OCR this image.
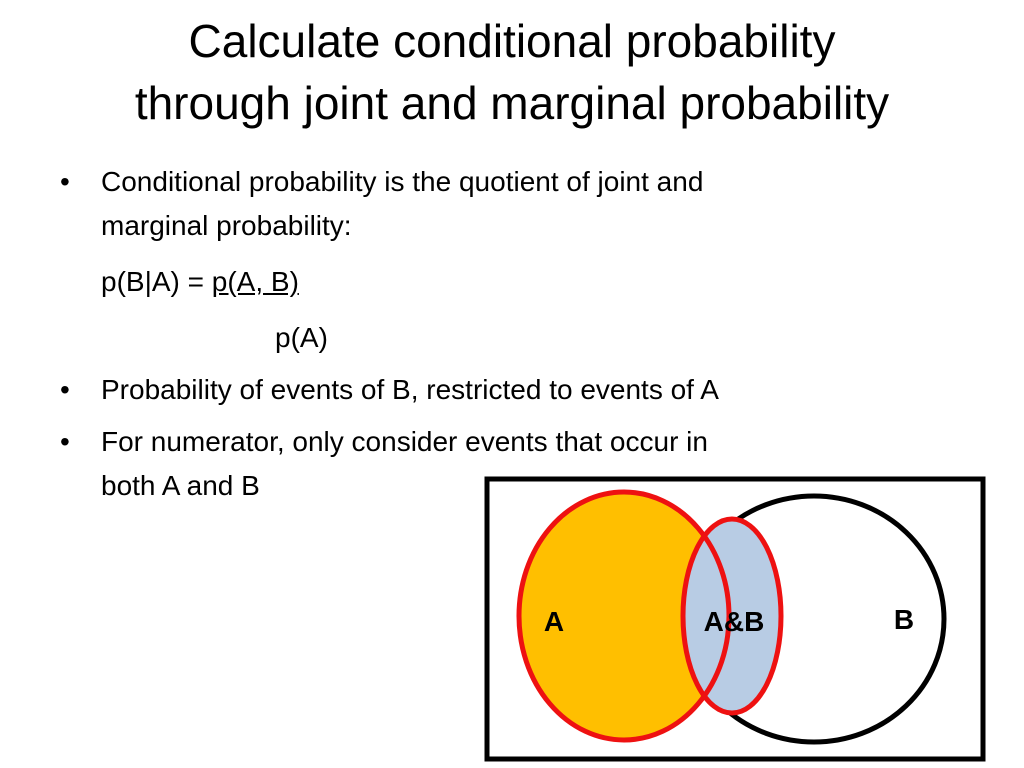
Calculate conditional probability
through joint and marginal probability
• Conditional probability is the quotient of joint and
marginal probability:
p(B|A) = p(A, B)
p(A)
• Probability of events of B, restricted to events of A
• For numerator, only consider events that occur in
both A and B
A	A&B	B
